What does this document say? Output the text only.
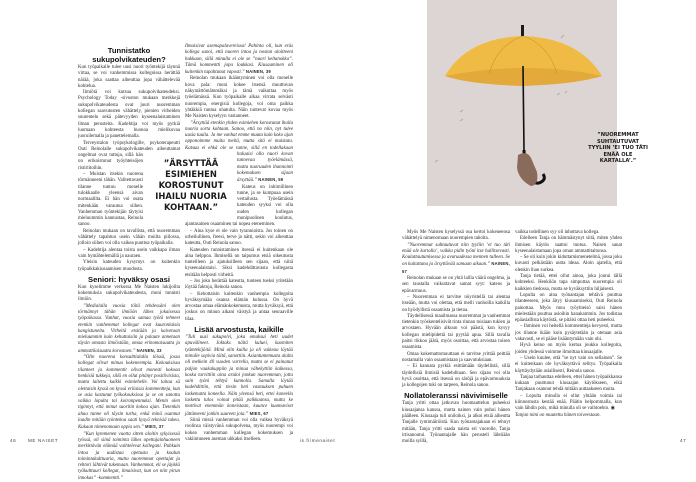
Tunnistatko sukupolvikateuden?

Kun työpaikalle tulee uusi nuori työntekijä täynnä virtaa, se voi vanhemmissa kollegoissa herättää närää, joka saattaa aiheuttaa jopa vähättelevää kohtelua.

Ilmiötä voi kutsua sukupolvikateudeksi. Psychology Today -sivuston mukaan merkkejä sukupolvikateudesta ovat juuri nuoremman kollegan saavutusten vähättely, pienien virheiden suurentelu sekä pätevyyden kyseenalaistaminen ilman perusteita. Kadehtija voi myös pyrkiä luomaan kohteesta huonoa mielikuvaa juoruilemalla ja panettelemalla.

Terveystalon työpsykologille, psykoterapeutti Outi Reinolalle sukupolvikateuden aiheuttamat ongelmat ovat tuttuja, sillä hän on erikoistunut työyhteisöjen ristiriitoihin.

– Muistan itsekin nuorena törmänneeni tähän. Valitettavasti tilanne tuntuu monelle tulokkaalle yleensä aivan normaalilta. Ei hän voi osata mitenkään varautua siihen. Vanhemman työntekijän täytyisi mieluummin kannustaa, Reinola sanoo.

Reinolan mukaan on tavallista, että nuoremman vähättely tapahtuu usein vähän muilta piilossa, jolloin siihen voi olla vaikea puuttua työpaikalla.

– Kadehtija alentaa toista usein vaikkapa ilman vain hymähtelemällä ja nauraen.

Yleisin kateuden kysymys on kuitenkin työpaikkakiusaamisen muodosta.

Seniori: hyväksy osasi

Kun kyselimme verkossa Me Naisten lukijoilta kokemuksia sukupolvikateudesta, moni tunnisti ilmiön.

”Medialalla vuosia töitä tehdessäni olen törmännyt tähän ilmiöön lähes jokaisessa työpaikassa. Vanhat, vuosia samaa työtä tehneet etenkin vanhemmat kollegat ovat kuuronlaisia kangistuneita. Virheitä etsitään ja kaivetaan mieluummin kuin kehuttaisiin ja palaute annetaan täysin omasta ilmiöstään, omaa erinomaisuutta ja ammattilaisuutta korostaen.” NAINEN, 33

”Olin nuorena konsulttialalla töissä, jossa kollegat olivat minua kokeneempia. Kokouksissa tilanteet ja kommentit olivat monesti kokoaa henkisiä tukkeja, sillä en ollut pitänyt positiivisista, mutta laitettu kaikki esimiehelle. Voi laitaa sä olettaisin kyssä on kyssä erilaisia kommentteja, kun se asia kastunut työkokouksissa ja se on sanottu vaikka lopulta tai koiranpennuksi. Menin olen tiginnyt, että minut suoritin kokoa ajan. Tietenkin ahaa tunne oli täysin turha, enkä minä osannut laadin mitään työntekoa saati kysyä teknisiä tukea. Kukaan nimenomaan oppia sen.” MIES, 37

”Kun kymmenen vuotta sitten aloitin sykyisessä työssä, oli siinä toiminta lähes opettajainhuoneen merkittävän elämää vaihtelevat kollegani. Puhkuin intoa ja uudistaa opetusta ja koulun toimintakulttuuria, mutta nuoremmat opettajat ja rehtori lähtivät tukemaan. Vanhemmat, eli se jäykkä työkulttuuri kollegat, ilmaisivat, kun on niin pirun innokas” -kommentti.”

Ilmaisivat asemapalavereissa! Pahinta oli, kun eräs kollega sanoi, että nuoren intoa ja nostan aloitteeni hukkaan, sillä minulla ei ole se ”nuori keltanokka”. Tämä kommentti jopa loukkasi. Kiusaaminen oli kuitenkin tapahtunut vaposti.” NAINEN, 39

Reinolan mukaan ikääntyminen voi olla monelle kova pala: moni kokee itsensä muuttuvan näkymättömämmäksi ja tämä vaikuttaa myös työelämässä. Kun työpaikalle alkaa virrata selvästi nuorempia, energisiä kollegoja, voi oma paikka yhtäkkiä tuntua uhatulta. Näin tuntevat kovaa myös Me Naisten kyselyyn vastanneet.

”Ärsyttää etenkin yhden esimiehen korostunut ihailu nuoria sorta kohtaan. Sanoo, että no niin, nyt tulee uusia tuulia. Ja me vanhat emme muuta kuin koko ajan opponoimme muita meitä, mutta sitä ei muistuta. Katsuu ei ehkä ole se tunne, sillä en todellakaan haluaisi olla nuori kovan tunnevaa työelämässä, mutta nuoruuden ihannointi kokemuksen sijaan ärsyttää.” NAINEN, 59

Kateus on inhimillinen tunne, ja se kumpuaa usein vertailusta. Työelämässä kateuden syyksi voi olla uuden kollegan monipuolinen koulutus, ajantasainen osaaminen tai nopea eteneminen.

– Aina kyse ei ole vain tyrannioista. Jos toinen on urheilullinen, freesi, terve ja nätti, sekin voi aiheuttaa kateutta, Outi Reinola sanoo.

Kateuden tunnistaminen itsessä ei kuitenkaan ole aina helppoa. Ihmisellä on taipumus etsiä oikeutusta tunteilleen ja ajatuksilleen sen sijaan, että niitä kyseenalaistaisi. Siksi kadehdittavasta kollegasta etsitään helposti virheitä.

– Jos joku herättää kateutta, tunteen tueksi yritetään löytää faktoja, Reinola sanoo.

– Kehottaisin kuitenkin vanhempia kollegoita hyväksymään osansa elämän kulussa. On hyvä arvostaa omaa elämänkokemusta, mutta hyväksyä, että joskus on minun aikani väistyä ja antaa seuraaville tilaa.

Lisää arvostusta, kaikille

”Tuli uusi sukupolvi, joka omaksui heti uudet apuvälineet. Joktaks näitä kuluei, kuomiten tyämtekijöitä. Minä olin kuilla ja oli vaikeaa löytää minulle sopivia töitä, sanottiin. Asiantuntemusta alalta oli melkein 40 vuoden varrella, mutta se ei painanut paljon vaakakuppiin ja minua vähekyttiin kaikessa, koska tarvittiin aina aruloi jonkun nuoremman, jotta sain työni tehtyä kunnolla. Samalla löytää kadehdittiin, että tiesin heti vastauksen puhuen laskematta koneella. Näin yleensä heti, ettei koneella laskettu tulos voinut pitää paikkaansa, mutta ke mottivat enemmän koneistaan, kuunce kuomaviset jättämeeni jonkin suureen joia.” MIES, 67

Siinä missä vanhemman voi olla vaikea hyväksyä roolinsa väistyvänä sukupolvena, myös nuorempi voi kokea vanhemman kollegan kokemuksen ja vakiintuneen aseman uhkaksi itselleen.

”ÄRSYTTÄÄ ESIMIEHEN KOROSTUNUT IHAILU NUORIA KOHTAAN.”
”NUOREMMAT SUHTAUTUVAT TYYLIIN ’EI TUO TÄTI ENÄÄ OLE KARTALLA’.”

Myös Me Naisten kyselyssä osa kertoi kokeneensa vähättelyä nimenomaan nuorempien taholta.

”Nuoremmat suhtautuvat niin tyyliin ’ei tuo täti enää ole kartalla’, vaikka pidin työni itse hallitsevasti. Kouluttautumisessa ja avuruudessa mennen tulleen. Se on kuitattuna ja ärsyttävää samaan aikaan.” NAINEN, 57

Reinolan mukaan se on yhtä lailla väärä ongelma, ja sen taustalla vaikuttavat samat syyt: kateus ja epävarmuus.

– Nuoremman ei tarvitse nöyristellä tai alentaa itseään, mutta voi olettaa, että melli vanhoilla kaikilla on hyödyllistä osaamista ja tietoa.

Täydellisessä maailmassa nuoremmat ja vanhemmat tietenkin työskentelisivät rinta rinnan toisiaan tukien ja arvostaen. Hyvään alkuun voi päästä, kun kysyy kollegan mielipidettä tai pyytää apua. Sillä tavalla paitsi rikkoo jäätä, myös osoittaa, että arvostaa toisen osaamista.

Omaa kokemattomuuttaan ei tarvitse yrittää peittää nostamalla vain osaamistaan ja saavutuksiaan.

– Ei kannata pyrkiä esittämään täydellistä, sillä täydellisiä ihmisiä kadehditaan. Sen sijaan voi olla hyvä osoittaa, että itsessä on säröjä ja epävarmuuksia ja kollegojen tuki on tarpeen, Reinola sanoo.

Nollatoleranssi nävivimiselle

Tanja yritti ottaa jatkuvan huomauttelun puheeksi kiusaajansa kanssa, mutta nainen vain puhui hänen päälleen. Kiusaaja tuli uniloiksi, ja alkoi etsiä aiheutta Tanjalle ryntimäiröistä. Kun työnantajakaan ei tehnyt mitään, Tanja yritti saada naista eri vuorolle, Tanja irtisanoutui. Työnantajalle hän perusteli lähtöään muilla syillä,

vaikka todellinen syy oli inhottava kollega.

Edelleen Tanja on hämmästynyt siitä, miten yhden ihmisen käytös saattoi tuntua. Naisen sanat kyseenalaistamaan jopa oman ammattitaitonsa.

– Se oli kuin jokin kiduttamismenetelmä, jossa joku kuvasti pelkästään uutta ideaa. Aloin ajatella, että olenkin ihan surkea.

Tanja tietää, ettei ollut ainoa, joka joutui tällä kohteeksi. Henkilön tapa simputtaa nuorempia oli kaikkien tiedossa, mutta se hyväksyttiin hiljaisesti.

Lopulta on aina työnantajan tehtävä puuttua tilanteeseen, joka äityy kiusaamiseksi, Outi Reinola painottaa. Myös muu työyhteisö saisi hänen mielestään puuttua asioihin hanakammin. Jos todistaa epäasiallista käytöstä, se pitäisi ottaa heti puheeksi.

– Ihminen voi heitellä kommentteja kevyesti, mutta jos tilanne ikään kuin pysäytetään ja otetaan asia vakavasti, se ei pääse lisääntymään vain ohi.

Hyvä keino on myös kertoa joukko kollegoita, joiden yhdessä voimme ilmoittaa kiusaajalle.

– Usein kuulee, että ”se nyt vain on sellainen”. Se ei kuitenkaan ole hyväksyttävä selitys. Työpaikalla käyttäydytään asiallisesti, Reinola sanoo.

Tanjaa tarhauttaa edelleen, ettei hänen työpaikkansa kukaan puuttunut kiusaajan käytökseen, eikä Tanjakaan osannut tehdä mitään auttaakseen muita.

– Lopulta minulla ei ollut yhtään voimia tai kiinnostusta kestää enää. Päätin helpommalla, kun vain lähdin pois, mikä minulla oli se vaihtoehto. ◉

Tanjan nimi on muutettu hänen toiveestaan.

46	ME NAISET	is.fi/menaiset	47
